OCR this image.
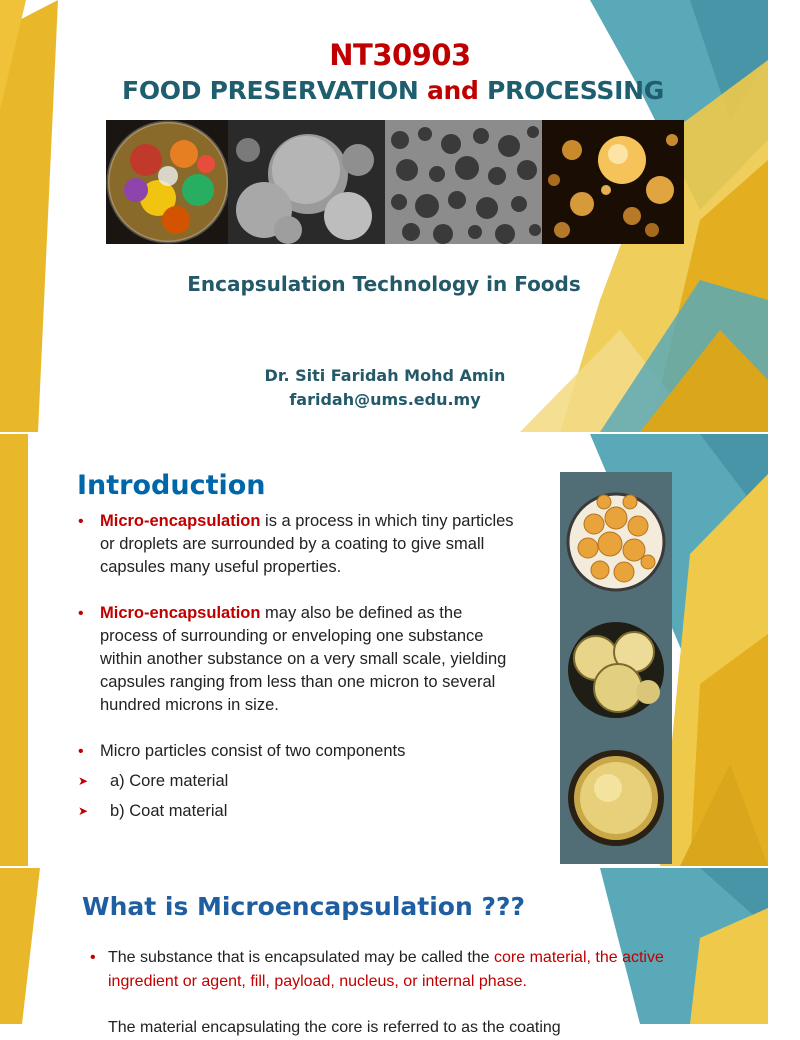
NT30903
FOOD PRESERVATION and PROCESSING
Encapsulation Technology in Foods
Dr. Siti Faridah Mohd Amin
faridah@ums.edu.my
Introduction
• Micro-encapsulation is a process in which tiny particles or droplets are surrounded by a coating to give small capsules many useful properties.
• Micro-encapsulation may also be defined as the process of surrounding or enveloping one substance within another substance on a very small scale, yielding capsules ranging from less than one micron to several hundred microns in size.
• Micro particles consist of two components
➤ a) Core material
➤ b) Coat material
What is Microencapsulation ???
• The substance that is encapsulated may be called the core material, the active ingredient or agent, fill, payload, nucleus, or internal phase.
The material encapsulating the core is referred to as the coating
